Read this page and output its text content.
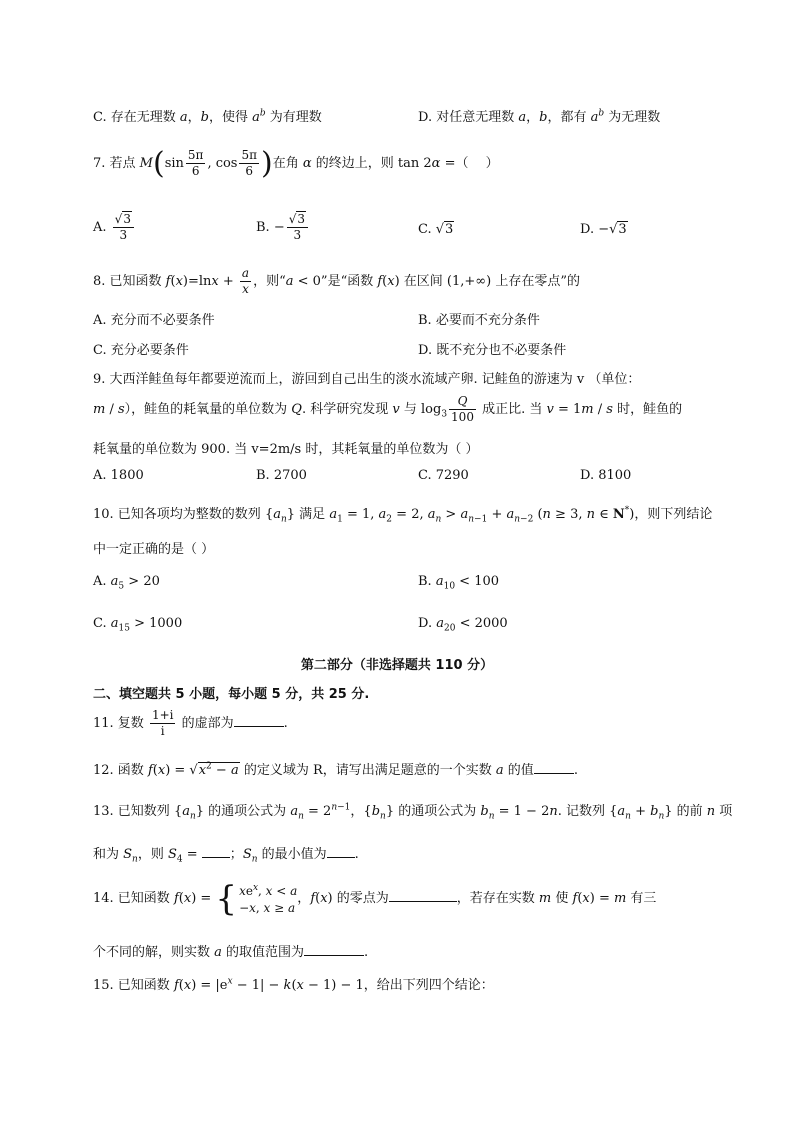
C. 存在无理数 a，b，使得 $a^b$ 为有理数	D. 对任意无理数 a，b，都有 $a^b$ 为无理数
7. 若点 $M(\sin \frac{5\pi}{6}$ , $\cos \frac{5\pi}{6}$ )在角 α 的终边上，则 tan 2α =（　 ）
A. $\frac{√3}{3}$	B. − $\frac{√3}{3}$	C. √3	D. −√3
8. 已知函数 $f(x)=\ln x + \frac{a}{x}$ ，则“a < 0”是“函数 f(x) 在区间 (1,+∞) 上存在零点”的
A. 充分而不必要条件	B. 必要而不充分条件
C. 充分必要条件	D. 既不充分也不必要条件
9. 大西洋鲑鱼每年都要逆流而上，游回到自己出生的淡水流域产卵. 记鲑鱼的游速为 v （单位：
m / s），鲑鱼的耗氧量的单位数为 Q. 科学研究发现 v 与 $\log_3 \frac{Q}{100}$ 成正比. 当 v = 1m / s 时，鲑鱼的
耗氧量的单位数为 900. 当 v=2m/s 时，其耗氧量的单位数为（ ）
A. 1800	B. 2700	C. 7290	D. 8100
10. 已知各项均为整数的数列 $\{a_n\}$ 满足 $a_1 = 1$, $a_2 = 2$, $a_n > a_{n-1} + a_{n-2}$ (n ≥ 3, n ∈ N*)，则下列结论
中一定正确的是（ ）
A. $a_5 > 20$	B. $a_{10} < 100$
C. $a_{15} > 1000$	D. $a_{20} < 2000$
第二部分（非选择题共 110 分）
二、填空题共 5 小题，每小题 5 分，共 25 分.
11. 复数 $\frac{1+i}{i}$ 的虚部为	.
12. 函数 $f(x) = √x^2 - a$ 的定义域为 R，请写出满足题意的一个实数 a 的值	.
13. 已知数列 $\{a_n\}$ 的通项公式为 $a_n = 2^{n-1}$，$\{b_n\}$ 的通项公式为 $b_n = 1 - 2n$. 记数列 $\{a_n + b_n\}$ 的前 n 项
和为 $S_n$，则 $S_4$ = ；$S_n$ 的最小值为 .
14. 已知函数 f(x) = { $xe^x$, x < a
−x, x ≥ a，f(x) 的零点为	，若存在实数 m 使 f(x) = m 有三
个不同的解，则实数 a 的取值范围为	.
15. 已知函数 $f(x) = |e^x - 1| - k(x - 1) - 1$，给出下列四个结论：
